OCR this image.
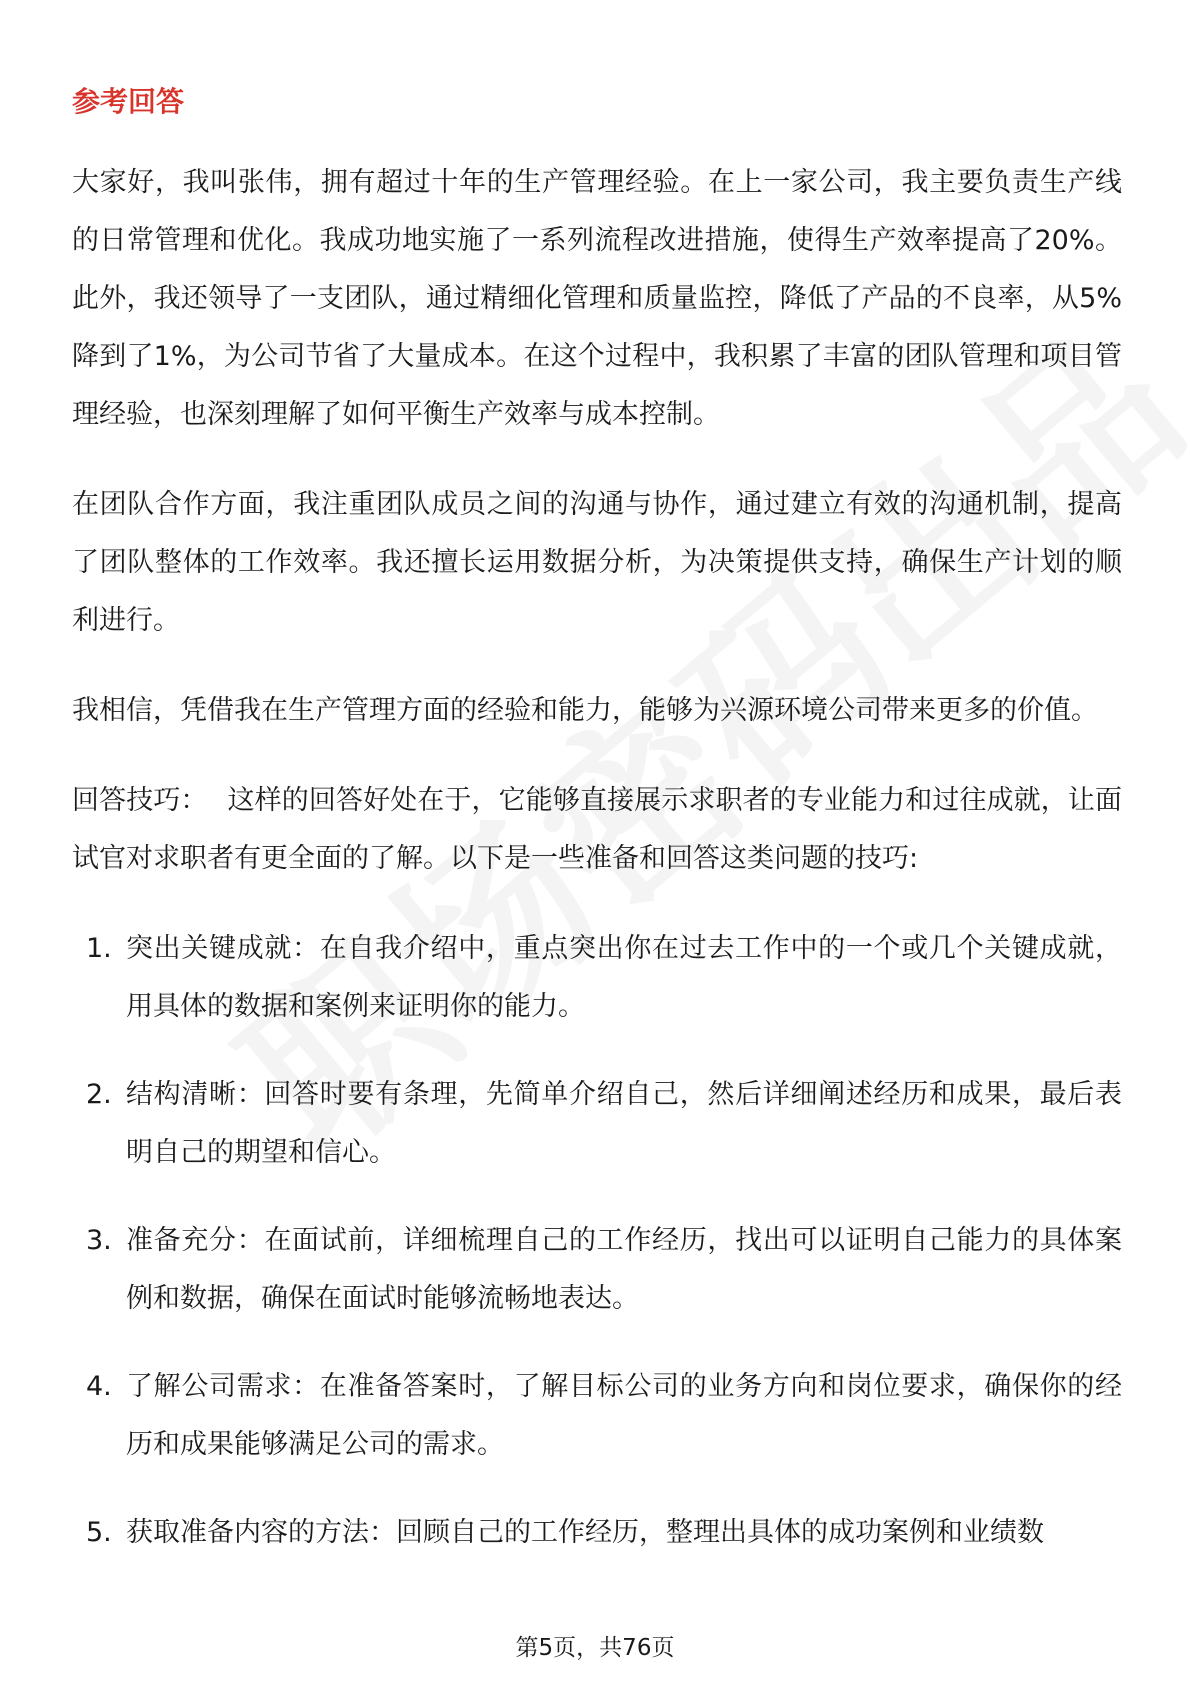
参考回答

大家好，我叫张伟，拥有超过十年的生产管理经验。在上一家公司，我主要负责生产线的日常管理和优化。我成功地实施了一系列流程改进措施，使得生产效率提高了20%。此外，我还领导了一支团队，通过精细化管理和质量监控，降低了产品的不良率，从5%降到了1%，为公司节省了大量成本。在这个过程中，我积累了丰富的团队管理和项目管理经验，也深刻理解了如何平衡生产效率与成本控制。

在团队合作方面，我注重团队成员之间的沟通与协作，通过建立有效的沟通机制，提高了团队整体的工作效率。我还擅长运用数据分析，为决策提供支持，确保生产计划的顺利进行。

我相信，凭借我在生产管理方面的经验和能力，能够为兴源环境公司带来更多的价值。

回答技巧： 这样的回答好处在于，它能够直接展示求职者的专业能力和过往成就，让面试官对求职者有更全面的了解。以下是一些准备和回答这类问题的技巧:

1. 突出关键成就：在自我介绍中，重点突出你在过去工作中的一个或几个关键成就，用具体的数据和案例来证明你的能力。
2. 结构清晰：回答时要有条理，先简单介绍自己，然后详细阐述经历和成果，最后表明自己的期望和信心。
3. 准备充分：在面试前，详细梳理自己的工作经历，找出可以证明自己能力的具体案例和数据，确保在面试时能够流畅地表达。
4. 了解公司需求：在准备答案时，了解目标公司的业务方向和岗位要求，确保你的经历和成果能够满足公司的需求。
5. 获取准备内容的方法：回顾自己的工作经历，整理出具体的成功案例和业绩数
第5页，共76页
